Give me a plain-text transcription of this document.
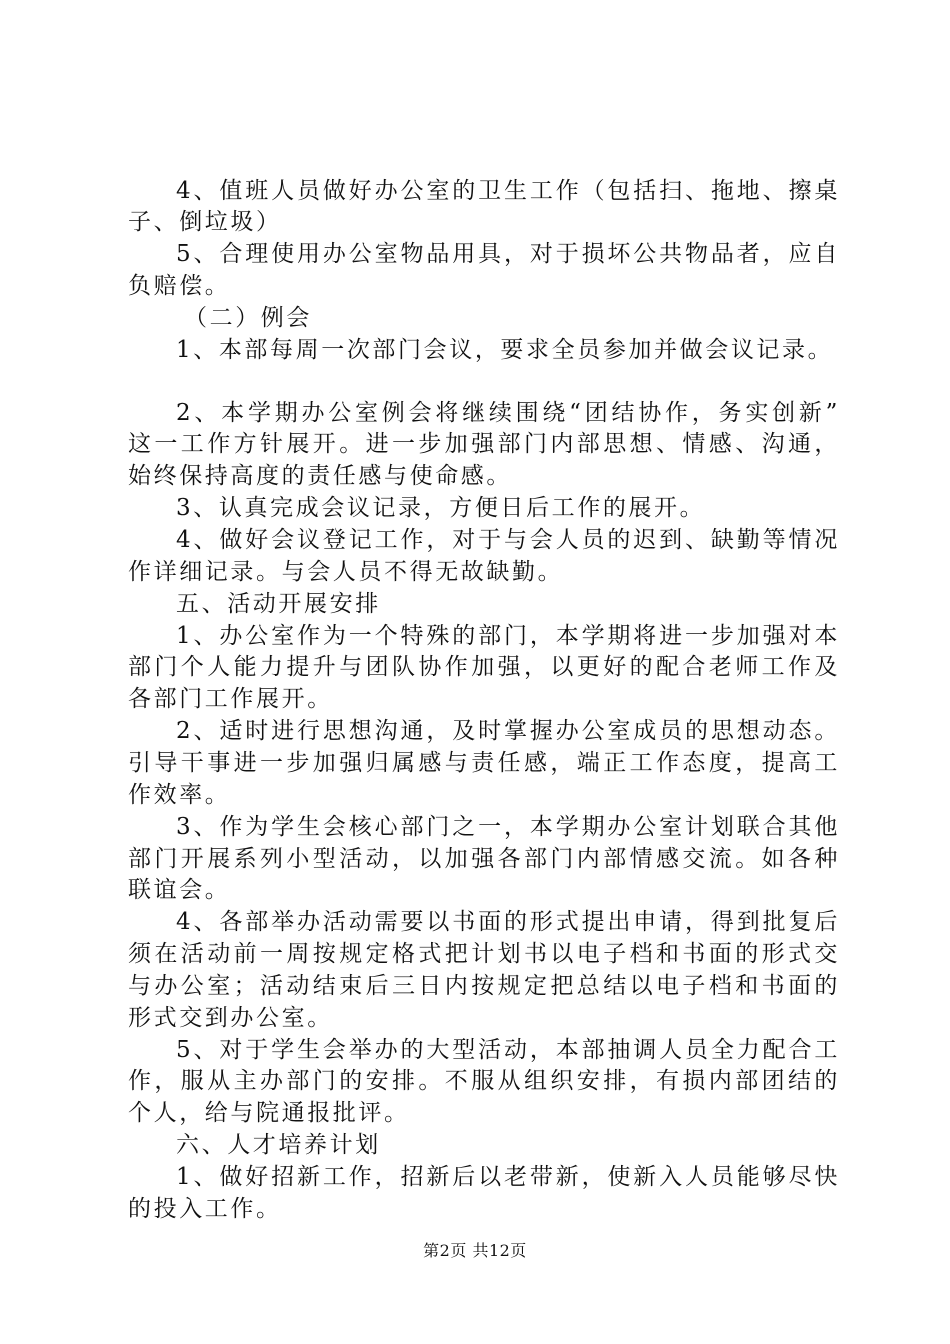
4、值班人员做好办公室的卫生工作（包括扫、拖地、擦桌
子、倒垃圾）
5、合理使用办公室物品用具，对于损坏公共物品者，应自
负赔偿。
（二）例会
1、本部每周一次部门会议，要求全员参加并做会议记录。
2、本学期办公室例会将继续围绕“团结协作，务实创新”
这一工作方针展开。进一步加强部门内部思想、情感、沟通，
始终保持高度的责任感与使命感。
3、认真完成会议记录，方便日后工作的展开。
4、做好会议登记工作，对于与会人员的迟到、缺勤等情况
作详细记录。与会人员不得无故缺勤。
五、活动开展安排
1、办公室作为一个特殊的部门，本学期将进一步加强对本
部门个人能力提升与团队协作加强，以更好的配合老师工作及
各部门工作展开。
2、适时进行思想沟通，及时掌握办公室成员的思想动态。
引导干事进一步加强归属感与责任感，端正工作态度，提高工
作效率。
3、作为学生会核心部门之一，本学期办公室计划联合其他
部门开展系列小型活动，以加强各部门内部情感交流。如各种
联谊会。
4、各部举办活动需要以书面的形式提出申请，得到批复后
须在活动前一周按规定格式把计划书以电子档和书面的形式交
与办公室；活动结束后三日内按规定把总结以电子档和书面的
形式交到办公室。
5、对于学生会举办的大型活动，本部抽调人员全力配合工
作，服从主办部门的安排。不服从组织安排，有损内部团结的
个人，给与院通报批评。
六、人才培养计划
1、做好招新工作，招新后以老带新，使新入人员能够尽快
的投入工作。
第2页 共12页
